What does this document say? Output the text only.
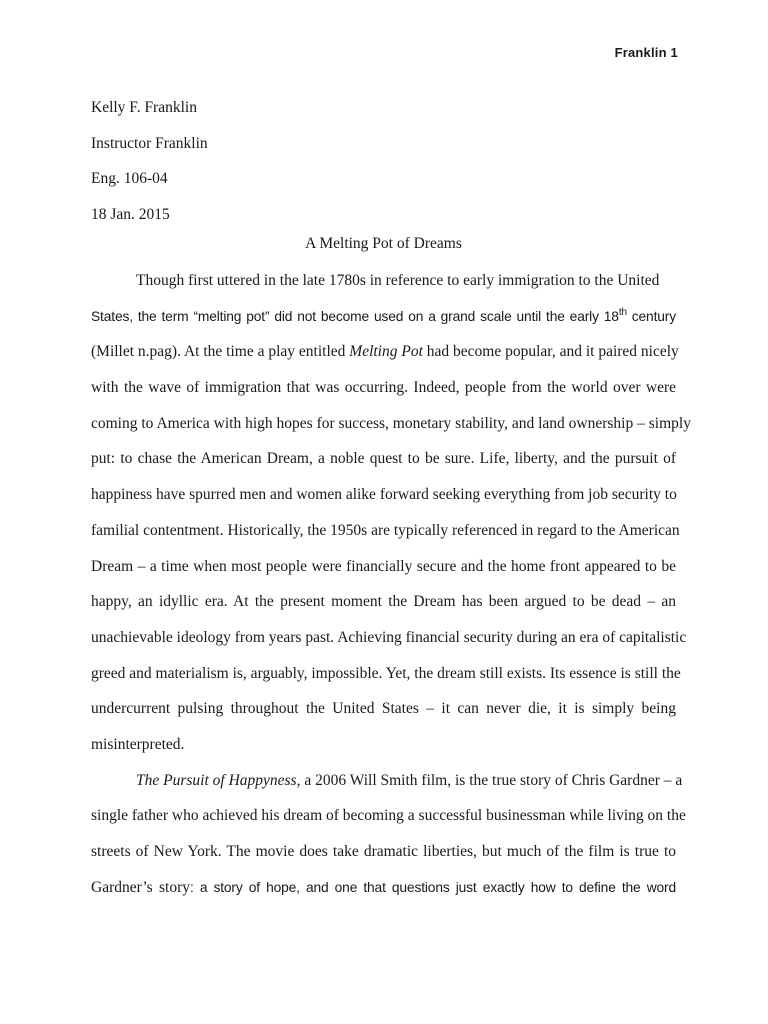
Franklin 1
Kelly F. Franklin
Instructor Franklin
Eng. 106-04
18 Jan. 2015
A Melting Pot of Dreams
Though first uttered in the late 1780s in reference to early immigration to the United
States, the term “melting pot” did not become used on a grand scale until the early 18th century
(Millet n.pag). At the time a play entitled Melting Pot had become popular, and it paired nicely
with the wave of immigration that was occurring. Indeed, people from the world over were
coming to America with high hopes for success, monetary stability, and land ownership – simply
put: to chase the American Dream, a noble quest to be sure. Life, liberty, and the pursuit of
happiness have spurred men and women alike forward seeking everything from job security to
familial contentment. Historically, the 1950s are typically referenced in regard to the American
Dream – a time when most people were financially secure and the home front appeared to be
happy, an idyllic era. At the present moment the Dream has been argued to be dead – an
unachievable ideology from years past. Achieving financial security during an era of capitalistic
greed and materialism is, arguably, impossible. Yet, the dream still exists. Its essence is still the
undercurrent pulsing throughout the United States – it can never die, it is simply being
misinterpreted.
The Pursuit of Happyness, a 2006 Will Smith film, is the true story of Chris Gardner – a
single father who achieved his dream of becoming a successful businessman while living on the
streets of New York. The movie does take dramatic liberties, but much of the film is true to
Gardner’s story: a story of hope, and one that questions just exactly how to define the word
